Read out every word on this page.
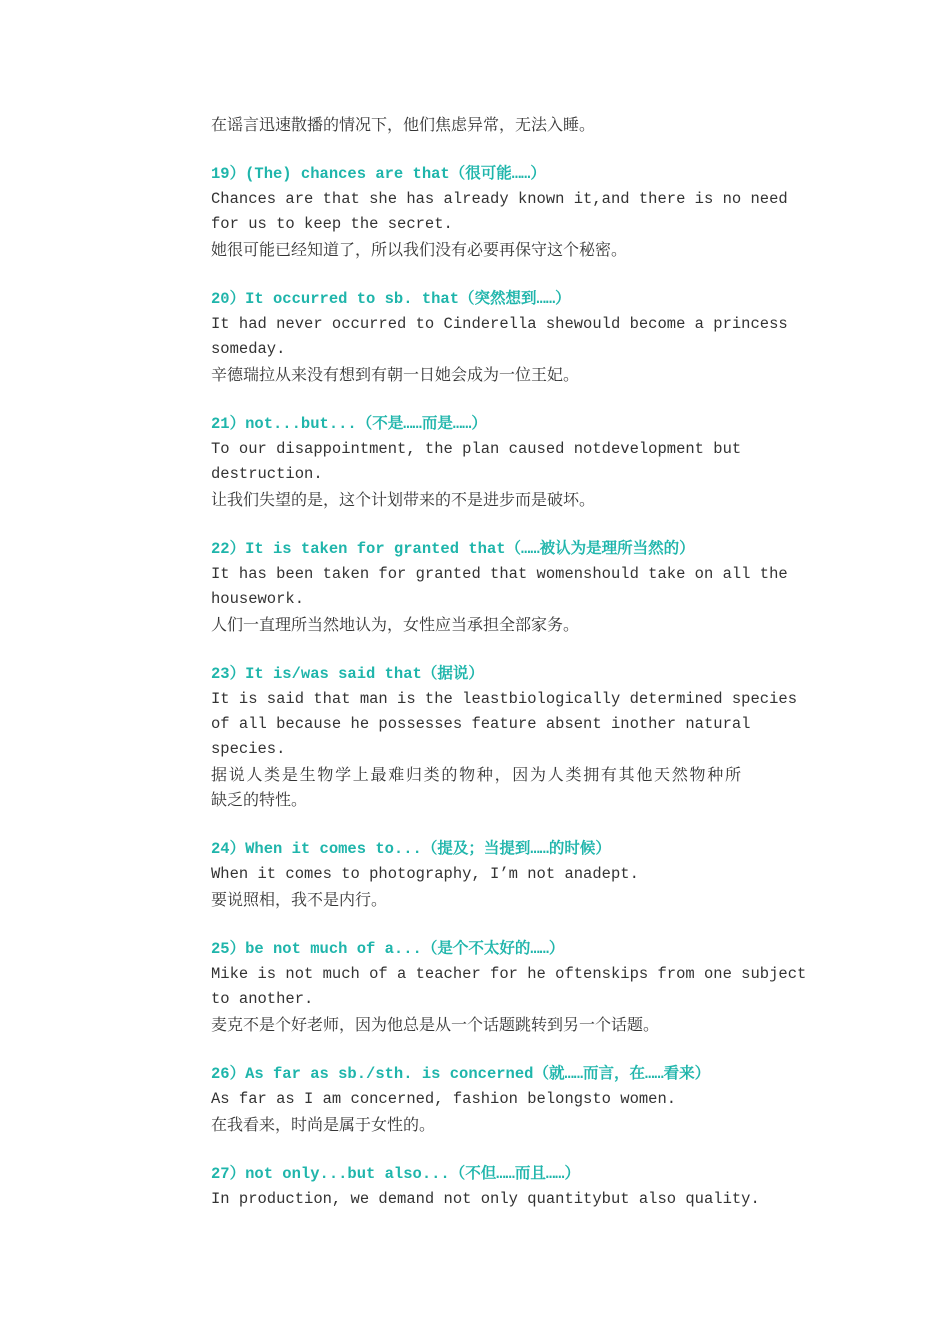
在谣言迅速散播的情况下，他们焦虑异常，无法入睡。
19）(The) chances are that（很可能……）
Chances are that she has already known it,and there is no need
for us to keep the secret.
她很可能已经知道了，所以我们没有必要再保守这个秘密。
20）It occurred to sb. that（突然想到……）
It had never occurred to Cinderella shewould become a princess
someday.
辛德瑞拉从来没有想到有朝一日她会成为一位王妃。
21）not...but...（不是……而是……）
To our disappointment, the plan caused notdevelopment but
destruction.
让我们失望的是，这个计划带来的不是进步而是破坏。
22）It is taken for granted that（……被认为是理所当然的）
It has been taken for granted that womenshould take on all the
housework.
人们一直理所当然地认为，女性应当承担全部家务。
23）It is/was said that（据说）
It is said that man is the leastbiologically determined species
of all because he possesses feature absent inother natural
species.
据说人类是生物学上最难归类的物种，因为人类拥有其他天然物种所
缺乏的特性。
24）When it comes to...（提及；当提到……的时候）
When it comes to photography, I’m not anadept.
要说照相，我不是内行。
25）be not much of a...（是个不太好的……）
Mike is not much of a teacher for he oftenskips from one subject
to another.
麦克不是个好老师，因为他总是从一个话题跳转到另一个话题。
26）As far as sb./sth. is concerned（就……而言，在……看来）
As far as I am concerned, fashion belongsto women.
在我看来，时尚是属于女性的。
27）not only...but also...（不但……而且……）
In production, we demand not only quantitybut also quality.
